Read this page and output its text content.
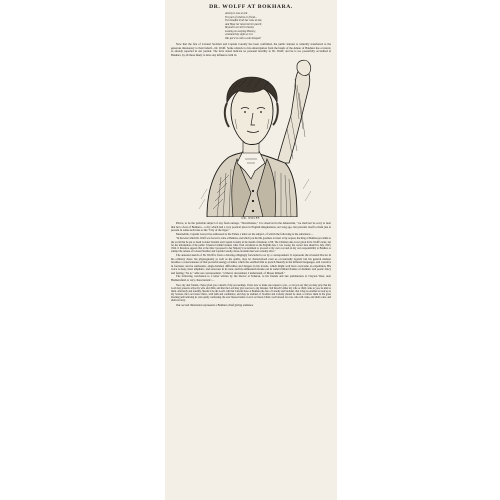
DR. WOLFF AT BOKHARA.
Anxiety is now at end
For part of relative or friend—
The dreadful truth has come at last,
And Hope her latest barrier pass'd;
Beyond it are still Certainty
Leaning on weeping Memory,
A melancholy sight we s'ee
Was par'd on with a calm Despair!

Now that the fate of Colonel Stoddart and Captain Conolly has been confirmed, the public interest is naturally transferred to the generous missionary to their behalf—Dr. Wolff. Some obstacle to his emancipation from the hands of the Ameer of Bokhara has occurred, as already reported in our journal. The facts stated indicate no personal hostility to Dr. Wolff; and he is too powerfully accredited at Bokhara, by all those likely to have any influence with its

DR. WOLFF.

Prince, to be the probable subject of any fresh outrage. "Nevertheless," it is observed in the Athenæum, "we shall not be sorry to hear that he is clear of Bokhara—a city which had a very poetical place in English imaginations, not long ago, but prevents itself to them just at present in some such idea as the "City of the Ogre."

Meanwhile, Captain Grover has addressed to the Times a letter on the subject, of which the following is the substance:—

"In the letter which Dr. Wolff was forced to write at Bokhara, and which you had the goodness to insert at my request, the King of Bokhara proclaims to the world that he put to death Colonel Stoddart and Captain Conolly in the month of Ramzan, 1259. The Christian date is not given in Dr. Wolff's letter, but for the information of the public I inserted within brackets what I had calculated as the Englsih date. I was wrong; the correct date should be July, 1843, 1842. It therefore appears that at the time I proposed to her Majesty's Government to proceed at my own cost and on my own responsibility to Bokhara to attempt the release of Colonel Stoddart and Captain Conolly, those excellent men were actually alive."

The annexed sketch of Dr. Wolff is from a drawing obligingly forwarded to us by a correspondent. It represents the reverend Doctor in his ordinary dress: his physiognomy as well as his spirits, may be characterised even as occasionally boyish; but his general manner breathes a consciousness of that powerful energy of mind, which has enabled him to preach fluently in the different languages, and conceive in fourteen; and he surmounts, single-handed, difficulties and dangers in his travels, which might well have overcome an expedition. His voice is deep, most emphatic, and sonorous in its tone; and his enthusiasm breaks out in some brilliant flashes of dramatic and poetic fancy and feeling: "he is," adds our correspondent, "a liberal, descendant, I understand, of Moses himself."

The following conclusion to a letter written by the Doctor at Teheran, to his friends and late parishioners at Clayton West, near Huddersfield, is very characteristic:—

Now, my dear friends, I have given you a sketch of my proceedings. I have now to make one request to you—to let you say that you may pray that the Lord may preserve alive my wife and child, and that the Lord may give success to my mission. Tell Knoch? either my wife or child come to you, be kind to them. And lastly and fourthly, Should it be the Lord's will that I should have at Bokhara the fate of Conolly and Stoddart, that I may be enabled to look up to my Saviour, the Lord Jesus Christ, with faith and confidence; and may be enabled, if Stoddart and Conolly should be dead, to follow them in the great morning and believing in, and openly confessing, the ever blessed name of our Lord Jesus Christ, God blessed for ever, who will come, and shall come, and shall not tarry.

Our second illustration represents a Bokhara chief giving audience.
